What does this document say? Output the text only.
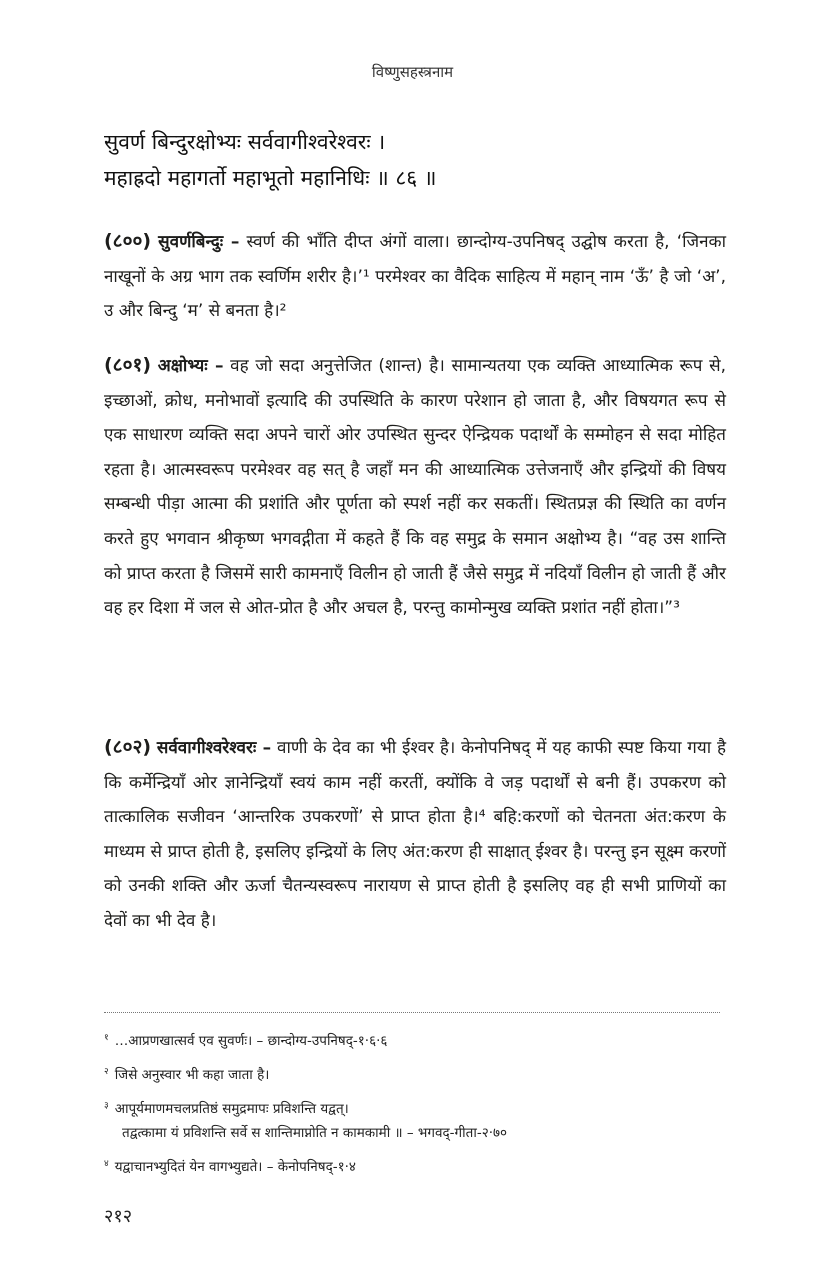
विष्णुसहस्त्रनाम
सुवर्ण बिन्दुरक्षोभ्यः सर्ववागीश्वरेश्वरः ।
महाह्रदो महागर्तो महाभूतो महानिधिः ॥ ८६ ॥
(८००) सुवर्णबिन्दुः – स्वर्ण की भाँति दीप्त अंगों वाला। छान्दोग्य-उपनिषद् उद्घोष करता है, ‘जिनका नाखूनों के अग्र भाग तक स्वर्णिम शरीर है।’¹ परमेश्वर का वैदिक साहित्य में महान् नाम ‘ऊँ’ है जो ‘अ’, उ और बिन्दु ‘म’ से बनता है।²
(८०१) अक्षोभ्यः – वह जो सदा अनुत्तेजित (शान्त) है। सामान्यतया एक व्यक्ति आध्यात्मिक रूप से, इच्छाओं, क्रोध, मनोभावों इत्यादि की उपस्थिति के कारण परेशान हो जाता है, और विषयगत रूप से एक साधारण व्यक्ति सदा अपने चारों ओर उपस्थित सुन्दर ऐन्द्रियक पदार्थों के सम्मोहन से सदा मोहित रहता है। आत्मस्वरूप परमेश्वर वह सत् है जहाँ मन की आध्यात्मिक उत्तेजनाएँ और इन्द्रियों की विषय सम्बन्धी पीड़ा आत्मा की प्रशांति और पूर्णता को स्पर्श नहीं कर सकतीं। स्थितप्रज्ञ की स्थिति का वर्णन करते हुए भगवान श्रीकृष्ण भगवद्गीता में कहते हैं कि वह समुद्र के समान अक्षोभ्य है। “वह उस शान्ति को प्राप्त करता है जिसमें सारी कामनाएँ विलीन हो जाती हैं जैसे समुद्र में नदियाँ विलीन हो जाती हैं और वह हर दिशा में जल से ओत-प्रोत है और अचल है, परन्तु कामोन्मुख व्यक्ति प्रशांत नहीं होता।”³
(८०२) सर्ववागीश्वरेश्वरः – वाणी के देव का भी ईश्वर है। केनोपनिषद् में यह काफी स्पष्ट किया गया है कि कर्मेन्द्रियाँ ओर ज्ञानेन्द्रियाँ स्वयं काम नहीं करतीं, क्योंकि वे जड़ पदार्थों से बनी हैं। उपकरण को तात्कालिक सजीवन ‘आन्तरिक उपकरणों’ से प्राप्त होता है।⁴ बहि:करणों को चेतनता अंत:करण के माध्यम से प्राप्त होती है, इसलिए इन्द्रियों के लिए अंत:करण ही साक्षात् ईश्वर है। परन्तु इन सूक्ष्म करणों को उनकी शक्ति और ऊर्जा चैतन्यस्वरूप नारायण से प्राप्त होती है इसलिए वह ही सभी प्राणियों का देवों का भी देव है।
$^१$ …आप्रणखात्सर्व एव सुवर्णः। – छान्दोग्य-उपनिषद्-१·६·६
$^२$ जिसे अनुस्वार भी कहा जाता है।
$^३$ आपूर्यमाणमचलप्रतिष्ठं समुद्रमापः प्रविशन्ति यद्वत्।
तद्वत्कामा यं प्रविशन्ति सर्वे स शान्तिमाप्नोति न कामकामी ॥ – भगवद्-गीता-२·७०
$^४$ यद्वाचानभ्युदितं येन वागभ्युद्यते। – केनोपनिषद्-१·४
२१२
